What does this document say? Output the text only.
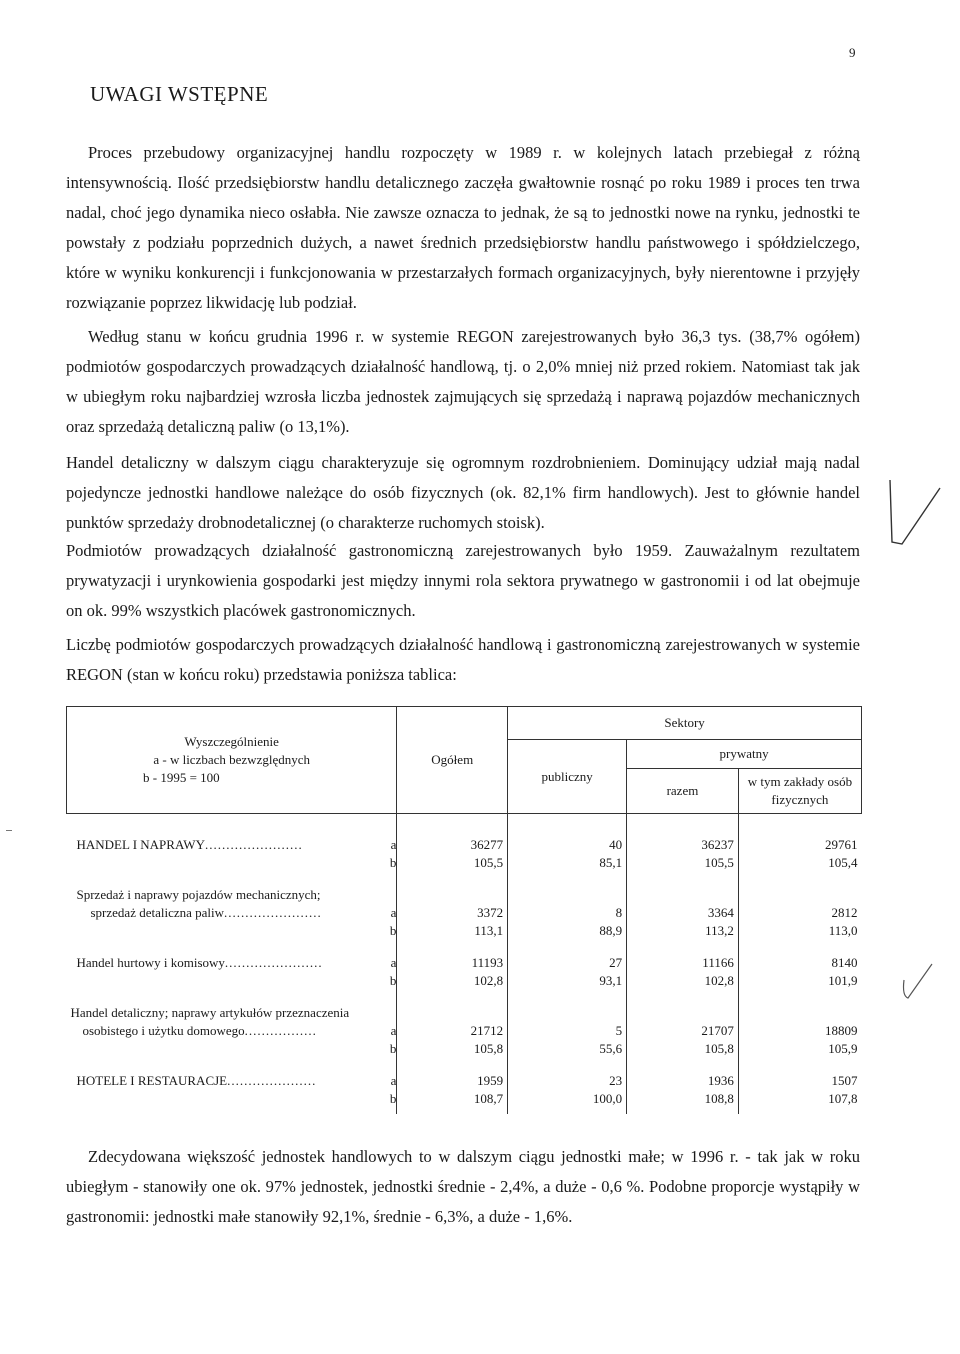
9
UWAGI WSTĘPNE

Proces przebudowy organizacyjnej handlu rozpoczęty w 1989 r. w kolejnych latach przebiegał z różną intensywnością. Ilość przedsiębiorstw handlu detalicznego zaczęła gwałtownie rosnąć po roku 1989 i proces ten trwa nadal, choć jego dynamika nieco osłabła. Nie zawsze oznacza to jednak, że są to jednostki nowe na rynku, jednostki te powstały z podziału poprzednich dużych, a nawet średnich przedsiębiorstw handlu państwowego i spółdzielczego, które w wyniku konkurencji i funkcjonowania w przestarzałych formach organizacyjnych, były nierentowne i przyjęły rozwiązanie poprzez likwidację lub podział.

Według stanu w końcu grudnia 1996 r. w systemie REGON zarejestrowanych było 36,3 tys. (38,7% ogółem) podmiotów gospodarczych prowadzących działalność handlową, tj. o 2,0% mniej niż przed rokiem. Natomiast tak jak w ubiegłym roku najbardziej wzrosła liczba jednostek zajmujących się sprzedażą i naprawą pojazdów mechanicznych oraz sprzedażą detaliczną paliw (o 13,1%).

Handel detaliczny w dalszym ciągu charakteryzuje się ogromnym rozdrobnieniem. Dominujący udział mają nadal pojedyncze jednostki handlowe należące do osób fizycznych (ok. 82,1% firm handlowych). Jest to głównie handel punktów sprzedaży drobnodetalicznej (o charakterze ruchomych stoisk).

Podmiotów prowadzących działalność gastronomiczną zarejestrowanych było 1959. Zauważalnym rezultatem prywatyzacji i urynkowienia gospodarki jest między innymi rola sektora prywatnego w gastronomii i od lat obejmuje on ok. 99% wszystkich placówek gastronomicznych.

Liczbę podmiotów gospodarczych prowadzących działalność handlową i gastronomiczną zarejestrowanych w systemie REGON (stan w końcu roku) przedstawia poniższa tablica:

Wyszczególnienie
a - w liczbach bezwzględnych
b - 1995 = 100	Ogółem	Sektory		
		publiczny	prywatny	
			razem	w tym zakłady osób fizycznych

HANDEL I NAPRAWY....................... a	36277	40	36237	29761

b	105,5	85,1	105,5	105,4

Sprzedaż i naprawy pojazdów mechanicznych;				
sprzedaż detaliczna paliw....................... a	3372	8	3364	2812

b	113,1	88,9	113,2	113,0

Handel hurtowy i komisowy....................... a	11193	27	11166	8140

b	102,8	93,1	102,8	101,9

Handel detaliczny; naprawy artykułów przeznaczenia				
osobistego i użytku domowego................. a	21712	5	21707	18809

b	105,8	55,6	105,8	105,9

HOTELE I RESTAURACJE..................... a	1959	23	1936	1507

b	108,7	100,0	108,8	107,8

Zdecydowana większość jednostek handlowych to w dalszym ciągu jednostki małe; w 1996 r. - tak jak w roku ubiegłym - stanowiły one ok. 97% jednostek, jednostki średnie - 2,4%, a duże - 0,6 %. Podobne proporcje wystąpiły w gastronomii: jednostki małe stanowiły 92,1%, średnie - 6,3%, a duże - 1,6%.
